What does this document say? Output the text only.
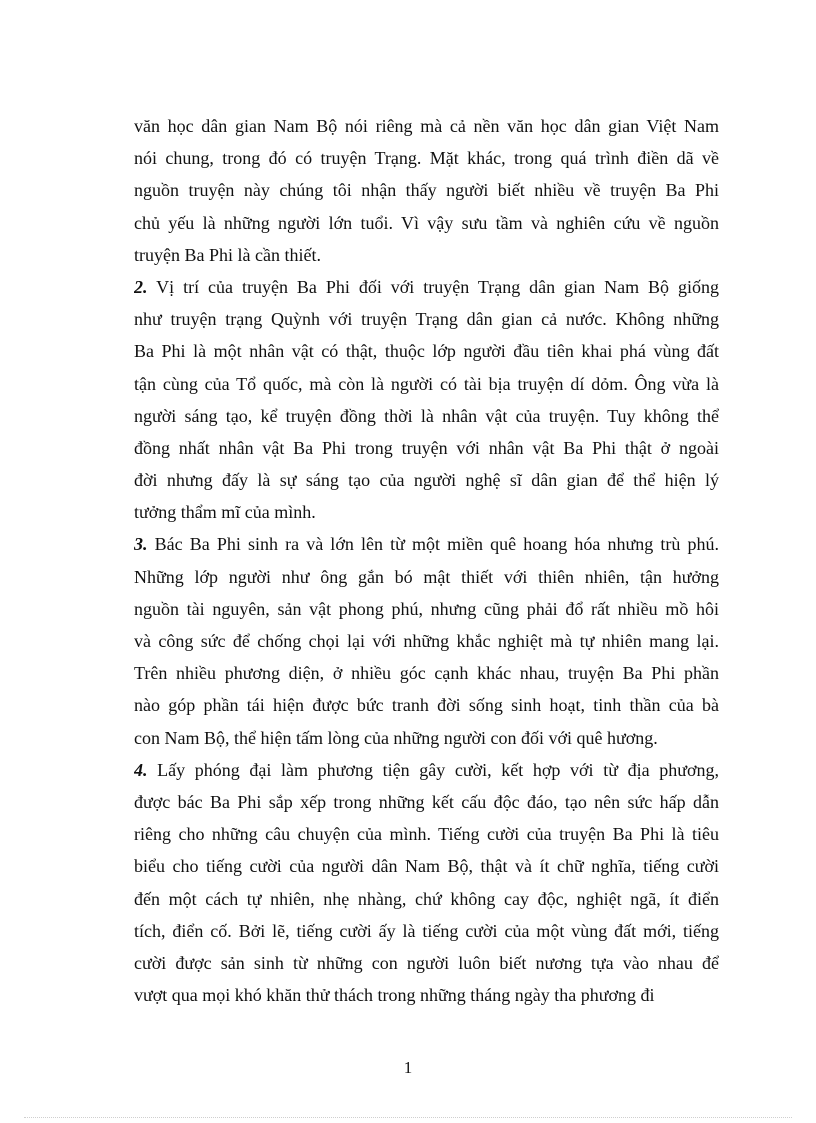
văn học dân gian Nam Bộ nói riêng mà cả nền văn học dân gian Việt Nam
nói chung, trong đó có truyện Trạng. Mặt khác, trong quá trình điền dã về
nguồn truyện này chúng tôi nhận thấy người biết nhiều về truyện Ba Phi
chủ yếu là những người lớn tuổi. Vì vậy sưu tầm và nghiên cứu về nguồn
truyện Ba Phi là cần thiết.
2. Vị trí của truyện Ba Phi đối với truyện Trạng dân gian Nam Bộ giống
như truyện trạng Quỳnh với truyện Trạng dân gian cả nước. Không những
Ba Phi là một nhân vật có thật, thuộc lớp người đầu tiên khai phá vùng đất
tận cùng của Tổ quốc, mà còn là người có tài bịa truyện dí dỏm. Ông vừa là
người sáng tạo, kể truyện đồng thời là nhân vật của truyện. Tuy không thể
đồng nhất nhân vật Ba Phi trong truyện với nhân vật Ba Phi thật ở ngoài
đời nhưng đấy là sự sáng tạo của người nghệ sĩ dân gian để thể hiện lý
tưởng thẩm mĩ của mình.
3. Bác Ba Phi sinh ra và lớn lên từ một miền quê hoang hóa nhưng trù phú.
Những lớp người như ông gắn bó mật thiết với thiên nhiên, tận hưởng
nguồn tài nguyên, sản vật phong phú, nhưng cũng phải đổ rất nhiều mồ hôi
và công sức để chống chọi lại với những khắc nghiệt mà tự nhiên mang lại.
Trên nhiều phương diện, ở nhiều góc cạnh khác nhau, truyện Ba Phi phần
nào góp phần tái hiện được bức tranh đời sống sinh hoạt, tinh thần của bà
con Nam Bộ, thể hiện tấm lòng của những người con đối với quê hương.
4. Lấy phóng đại làm phương tiện gây cười, kết hợp với từ địa phương,
được bác Ba Phi sắp xếp trong những kết cấu độc đáo, tạo nên sức hấp dẫn
riêng cho những câu chuyện của mình. Tiếng cười của truyện Ba Phi là tiêu
biểu cho tiếng cười của người dân Nam Bộ, thật và ít chữ nghĩa, tiếng cười
đến một cách tự nhiên, nhẹ nhàng, chứ không cay độc, nghiệt ngã, ít điển
tích, điển cố. Bởi lẽ, tiếng cười ấy là tiếng cười của một vùng đất mới, tiếng
cười được sản sinh từ những con người luôn biết nương tựa vào nhau để
vượt qua mọi khó khăn thử thách trong những tháng ngày tha phương đi
1
